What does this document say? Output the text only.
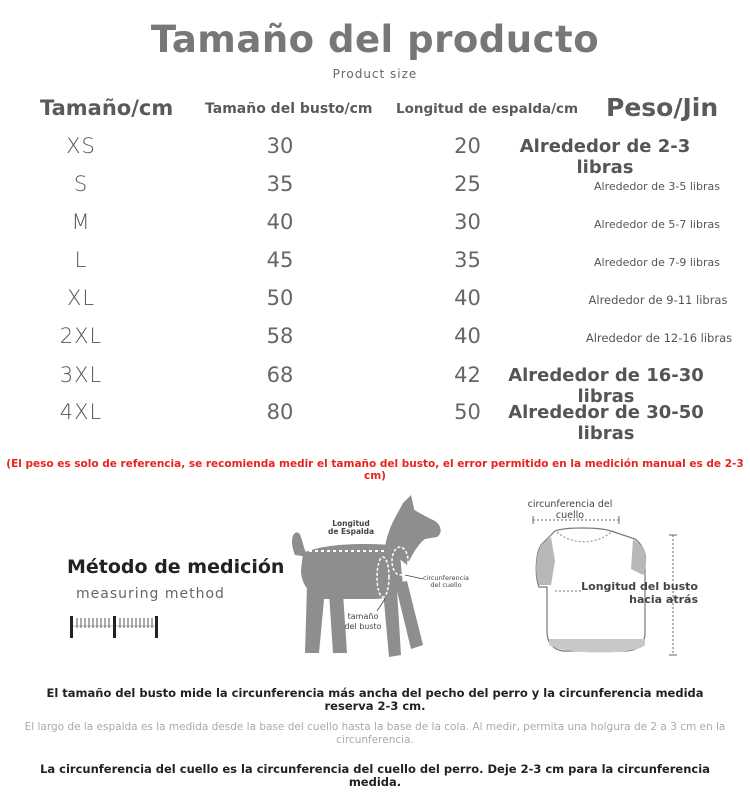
Tamaño del producto
Product size
Tamaño/cm Tamaño del busto/cm Longitud de espalda/cm Peso/Jin
XS	30	20	Alrededor de 2-3 libras
S	35	25	Alrededor de 3-5 libras
M	40	30	Alrededor de 5-7 libras
L	45	35	Alrededor de 7-9 libras
XL	50	40	Alrededor de 9-11 libras
2XL	58	40	Alrededor de 12-16 libras
3XL	68	42	Alrededor de 16-30 libras
4XL	80	50	Alrededor de 30-50 libras
(El peso es solo de referencia, se recomienda medir el tamaño del busto, el error permitido en la medición manual es de 2-3 cm)
Método de medición
measuring method
Longitud
de Espalda
circunferencia
del cuello
tamaño
del busto
circunferencia del
cuello
Longitud del busto
hacia atrás
El tamaño del busto mide la circunferencia más ancha del pecho del perro y la circunferencia medida reserva 2-3 cm.
El largo de la espalda es la medida desde la base del cuello hasta la base de la cola. Al medir, permita una holgura de 2 a 3 cm en la circunferencia.
La circunferencia del cuello es la circunferencia del cuello del perro. Deje 2-3 cm para la circunferencia medida.
